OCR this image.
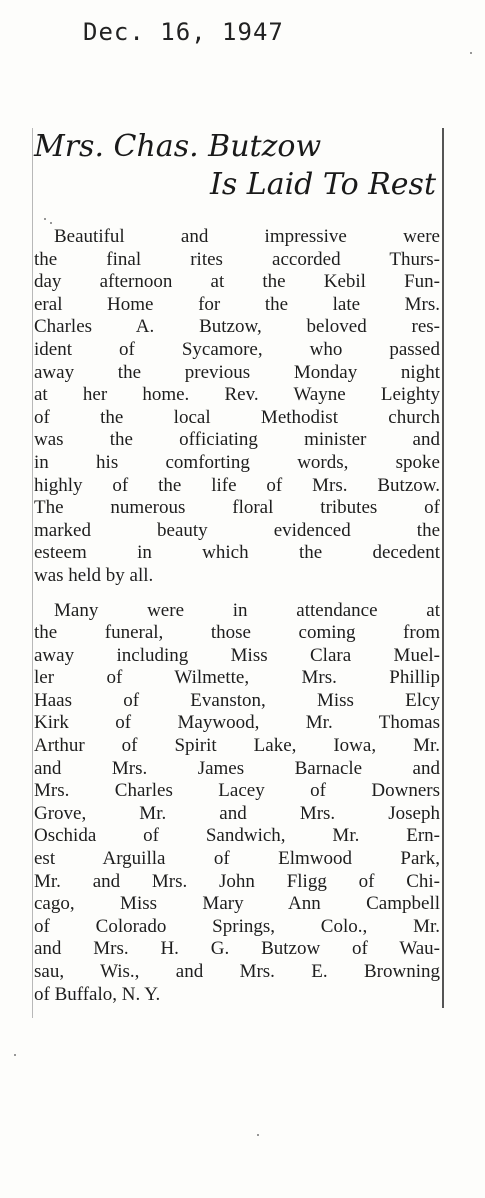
Dec. 16, 1947
Mrs. Chas. Butzow
Is Laid To Rest

Beautiful and impressive were
the final rites accorded Thurs-
day afternoon at the Kebil Fun-
eral Home for the late Mrs.
Charles A. Butzow, beloved res-
ident of Sycamore, who passed
away the previous Monday night
at her home. Rev. Wayne Leighty
of the local Methodist church
was the officiating minister and
in his comforting words, spoke
highly of the life of Mrs. Butzow.
The numerous floral tributes of
marked beauty evidenced the
esteem in which the decedent
was held by all.

Many were in attendance at
the funeral, those coming from
away including Miss Clara Muel-
ler of Wilmette, Mrs. Phillip
Haas of Evanston, Miss Elcy
Kirk of Maywood, Mr. Thomas
Arthur of Spirit Lake, Iowa, Mr.
and Mrs. James Barnacle and
Mrs. Charles Lacey of Downers
Grove, Mr. and Mrs. Joseph
Oschida of Sandwich, Mr. Ern-
est Arguilla of Elmwood Park,
Mr. and Mrs. John Fligg of Chi-
cago, Miss Mary Ann Campbell
of Colorado Springs, Colo., Mr.
and Mrs. H. G. Butzow of Wau-
sau, Wis., and Mrs. E. Browning
of Buffalo, N. Y.
